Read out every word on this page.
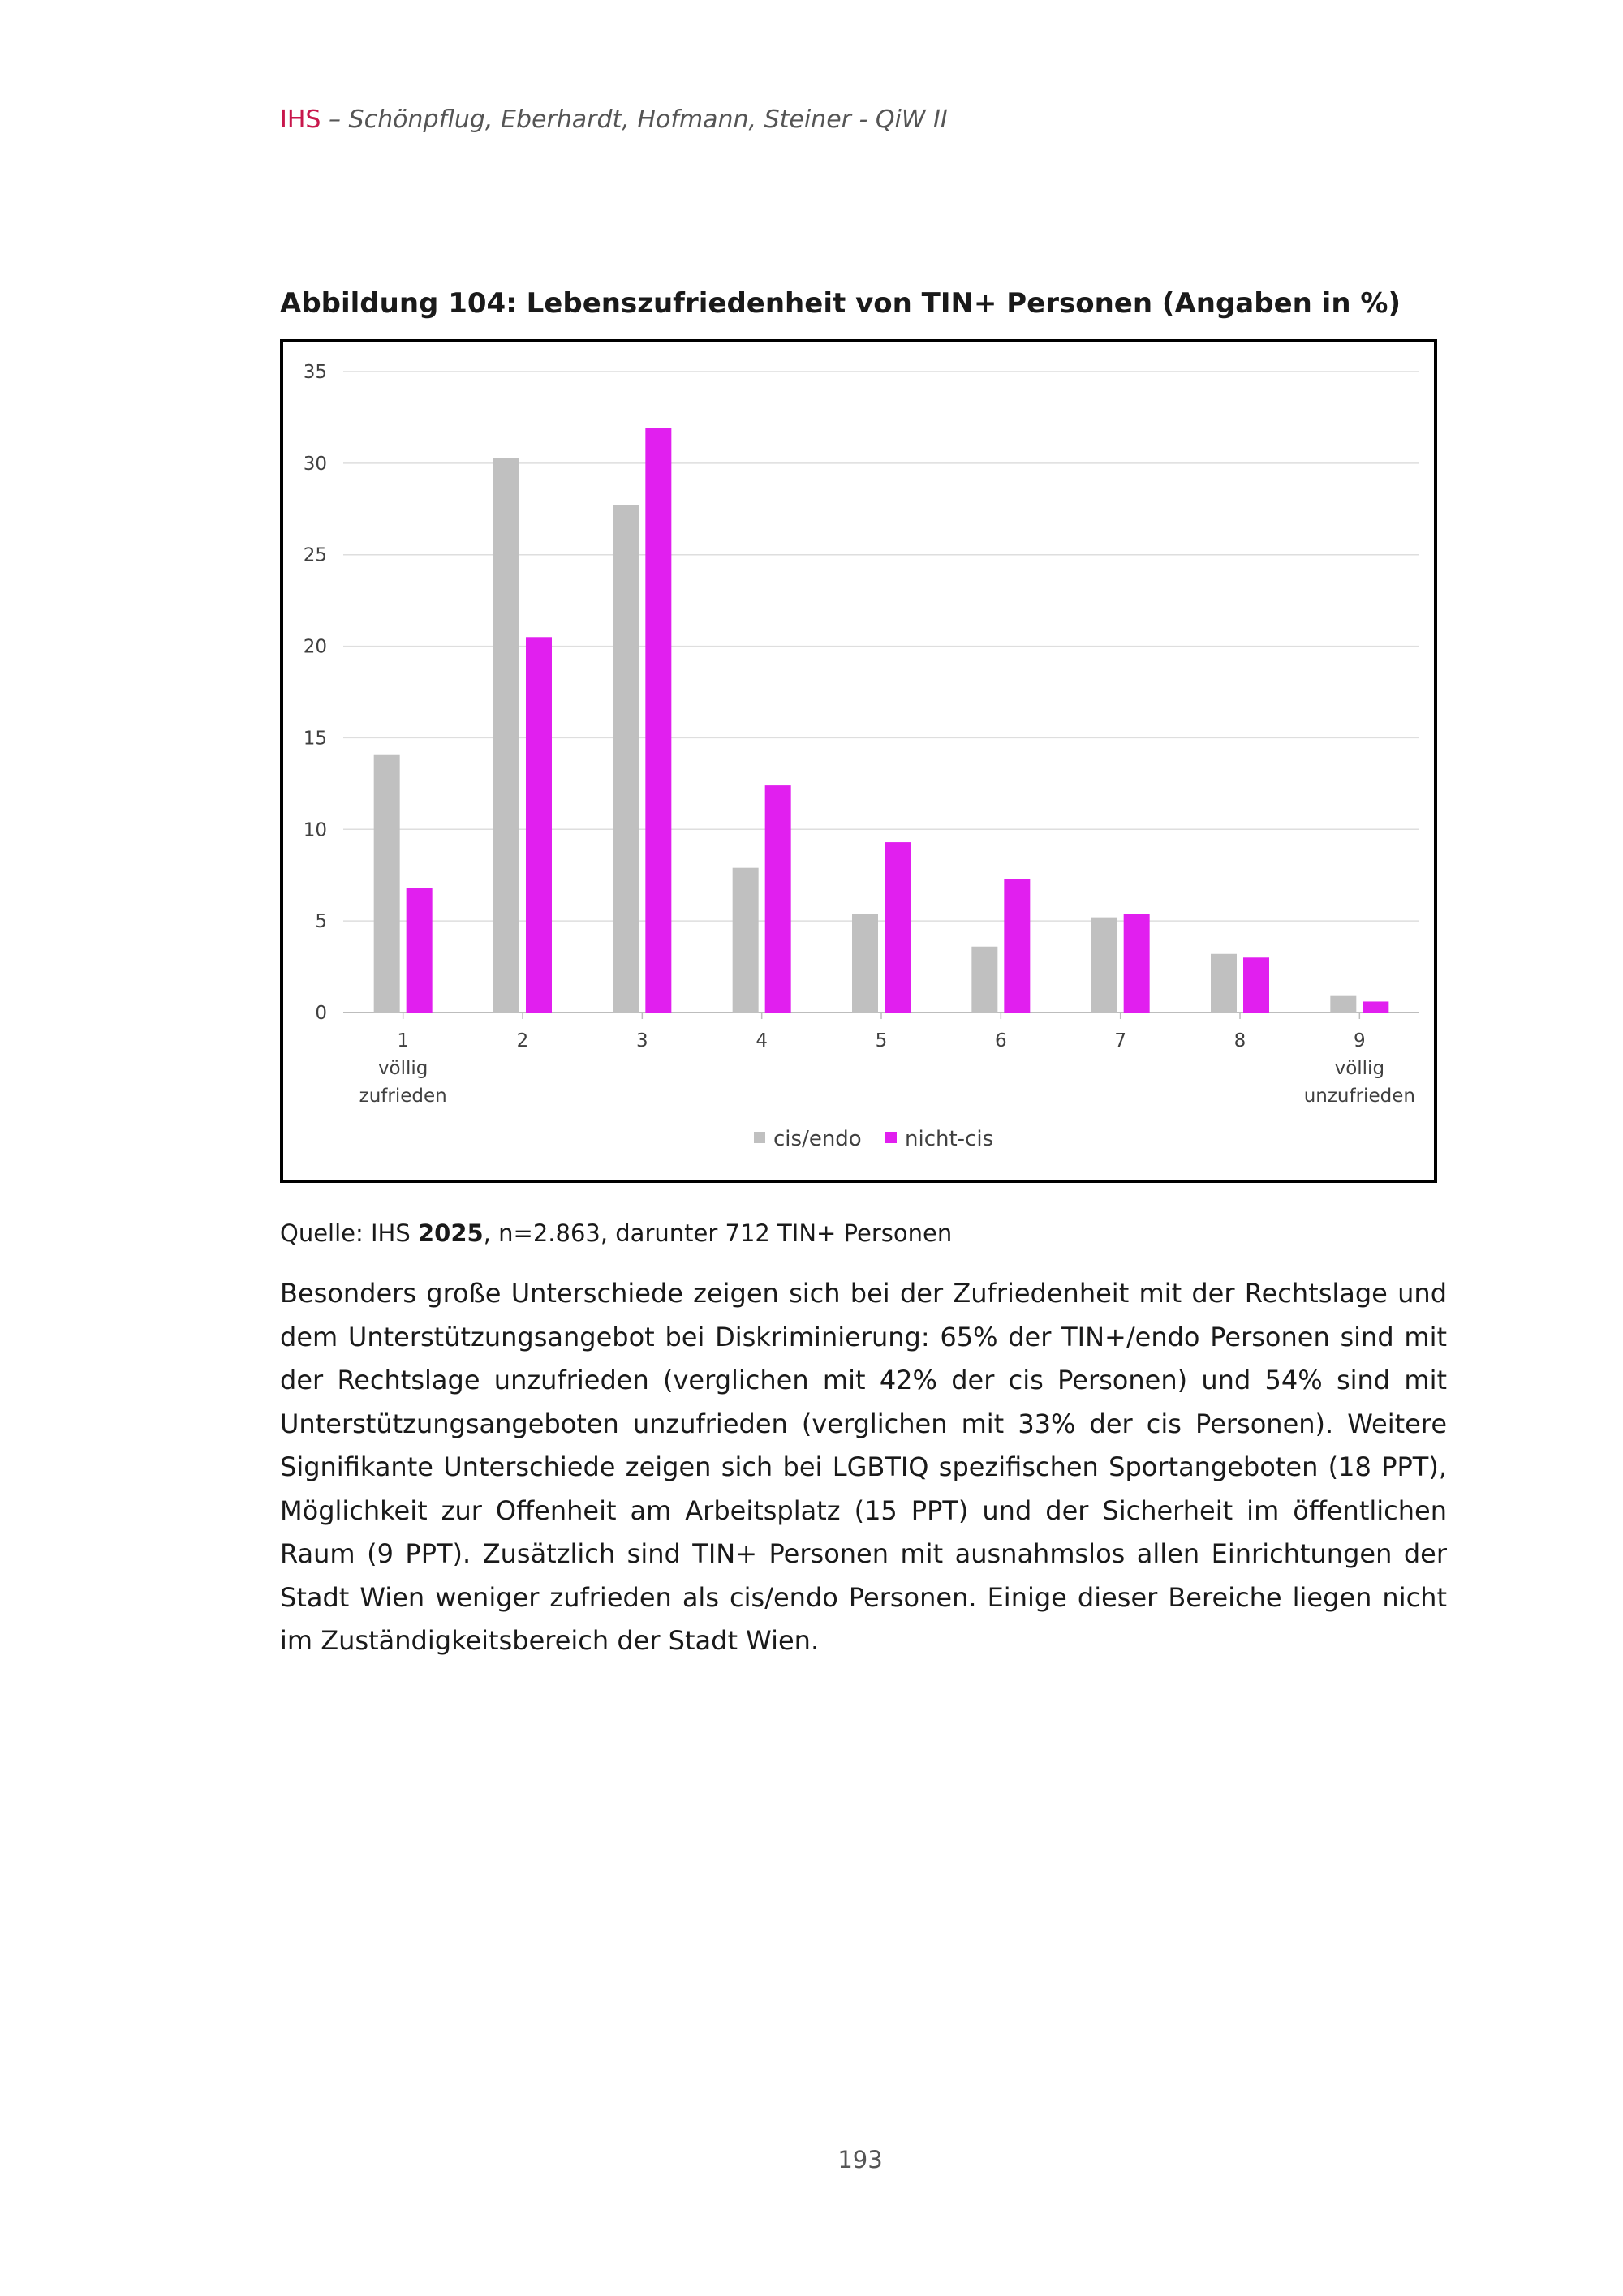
IHS – Schönpflug, Eberhardt, Hofmann, Steiner - QiW II
Abbildung 104: Lebenszufriedenheit von TIN+ Personen (Angaben in %)
0
5
10
15
20
25
30
35
1
völlig
zufrieden
2	3	4	5	6	7	8	9
völlig
unzufrieden
cis/endo nicht-cis
Quelle: IHS 2025, n=2.863, darunter 712 TIN+ Personen

Besonders große Unterschiede zeigen sich bei der Zufriedenheit mit der Rechtslage und dem Unterstützungsangebot bei Diskriminierung: 65% der TIN+/endo Personen sind mit der Rechtslage unzufrieden (verglichen mit 42% der cis Personen) und 54% sind mit Unterstützungsangeboten unzufrieden (verglichen mit 33% der cis Personen). Weitere Signifikante Unterschiede zeigen sich bei LGBTIQ spezifischen Sportangeboten (18 PPT), Möglichkeit zur Offenheit am Arbeitsplatz (15 PPT) und der Sicherheit im öffentlichen Raum (9 PPT). Zusätzlich sind TIN+ Personen mit ausnahmslos allen Einrichtungen der Stadt Wien weniger zufrieden als cis/endo Personen. Einige dieser Bereiche liegen nicht im Zuständigkeitsbereich der Stadt Wien.

193
